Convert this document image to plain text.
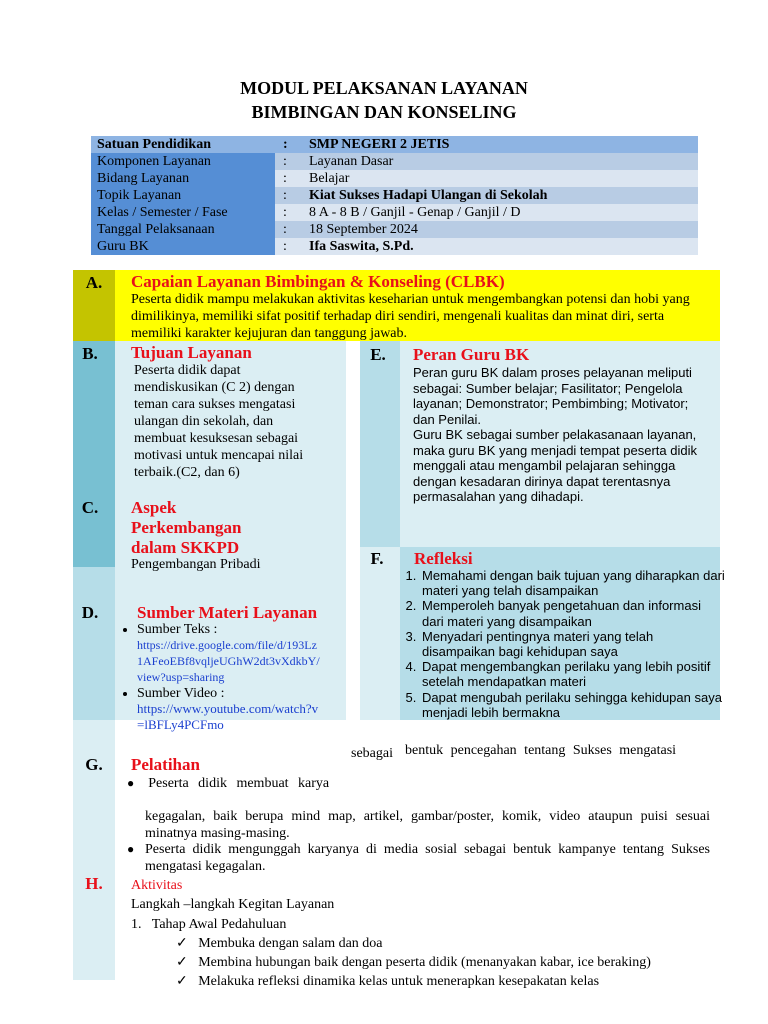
MODUL PELAKSANAN LAYANAN
BIMBINGAN DAN KONSELING
Satuan Pendidikan	: SMP NEGERI 2 JETIS
Komponen Layanan	: Layanan Dasar
Bidang Layanan	: Belajar
Topik Layanan	: Kiat Sukses Hadapi Ulangan di Sekolah
Kelas / Semester / Fase	: 8 A - 8 B / Ganjil - Genap / Ganjil / D
Tanggal Pelaksanaan	: 18 September 2024
Guru BK	: Ifa Saswita, S.Pd.
A.	Capaian Layanan Bimbingan & Konseling (CLBK)
Peserta didik mampu melakukan aktivitas keseharian untuk mengembangkan potensi dan hobi yang dimilikinya, memiliki sifat positif terhadap diri sendiri, mengenali kualitas dan minat diri, serta memiliki karakter kejujuran dan tanggung jawab.
B.
C.
D.
Tujuan Layanan
Peserta didik dapat mendiskusikan (C 2) dengan teman cara sukses mengatasi ulangan din sekolah, dan membuat kesuksesan sebagai motivasi untuk mencapai nilai terbaik.(C2, dan 6)
Aspek
Perkembangan
dalam SKKPD
Pengembangan Pribadi
Sumber Materi Layanan
• Sumber Teks :
https://drive.google.com/file/d/193Lz
1AFeoEBf8vqljeUGhW2dt3vXdkbY/
view?usp=sharing
• Sumber Video :
https://www.youtube.com/watch?v
=lBFLy4PCFmo
E.	Peran Guru BK
Peran guru BK dalam proses pelayanan meliputi sebagai: Sumber belajar; Fasilitator; Pengelola layanan; Demonstrator; Pembimbing; Motivator; dan Penilai.
Guru BK sebagai sumber pelakasanaan layanan, maka guru BK yang menjadi tempat peserta didik menggali atau mengambil pelajaran sehingga dengan kesadaran dirinya dapat terentasnya permasalahan yang dihadapi.
F.	Refleksi
1. Memahami dengan baik tujuan yang diharapkan dari materi yang telah disampaikan
2. Memperoleh banyak pengetahuan dan informasi dari materi yang disampaikan
3. Menyadari pentingnya materi yang telah disampaikan bagi kehidupan saya
4. Dapat mengembangkan perilaku yang lebih positif setelah mendapatkan materi
5. Dapat mengubah perilaku sehingga kehidupan saya menjadi lebih bermakna
G.
sebagai bentuk pencegahan tentang Sukses mengatasi
Pelatihan
● Peserta didik membuat karya
kegagalan, baik berupa mind map, artikel, gambar/poster, komik, video ataupun puisi sesuai minatnya masing-masing.
● Peserta didik mengunggah karyanya di media sosial sebagai bentuk kampanye tentang Sukses mengatasi kegagalan.
H.	Aktivitas
Langkah –langkah Kegitan Layanan
1.   Tahap Awal Pedahuluan
✓ Membuka dengan salam dan doa
✓ Membina hubungan baik dengan peserta didik (menanyakan kabar, ice beraking)
✓ Melakuka refleksi dinamika kelas untuk menerapkan kesepakatan kelas
